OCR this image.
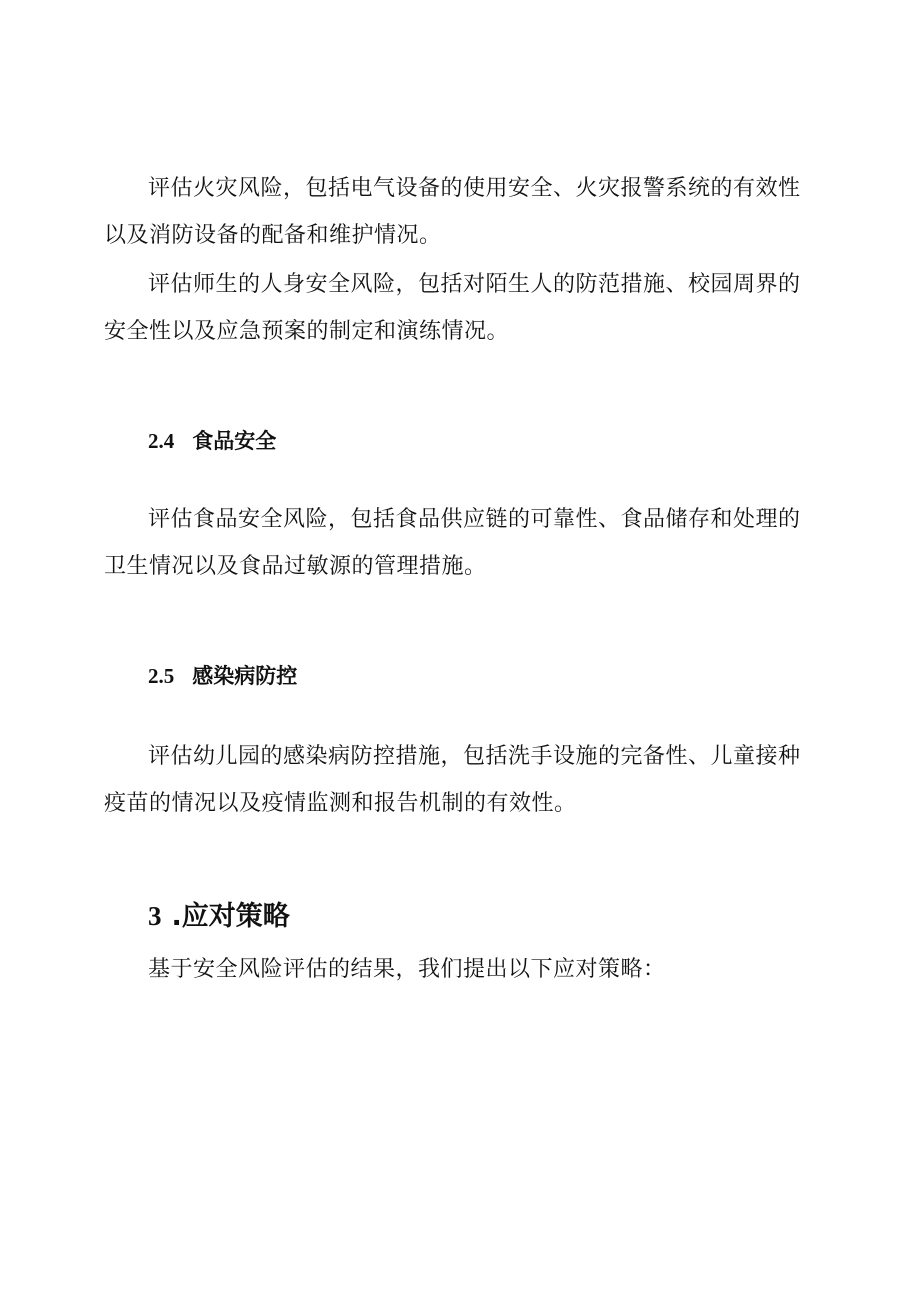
评估火灾风险，包括电气设备的使用安全、火灾报警系统的有效性以及消防设备的配备和维护情况。

评估师生的人身安全风险，包括对陌生人的防范措施、校园周界的安全性以及应急预案的制定和演练情况。

2.4 食品安全

评估食品安全风险，包括食品供应链的可靠性、食品储存和处理的卫生情况以及食品过敏源的管理措施。

2.5 感染病防控

评估幼儿园的感染病防控措施，包括洗手设施的完备性、儿童接种疫苗的情况以及疫情监测和报告机制的有效性。

3 .应对策略

基于安全风险评估的结果，我们提出以下应对策略：
